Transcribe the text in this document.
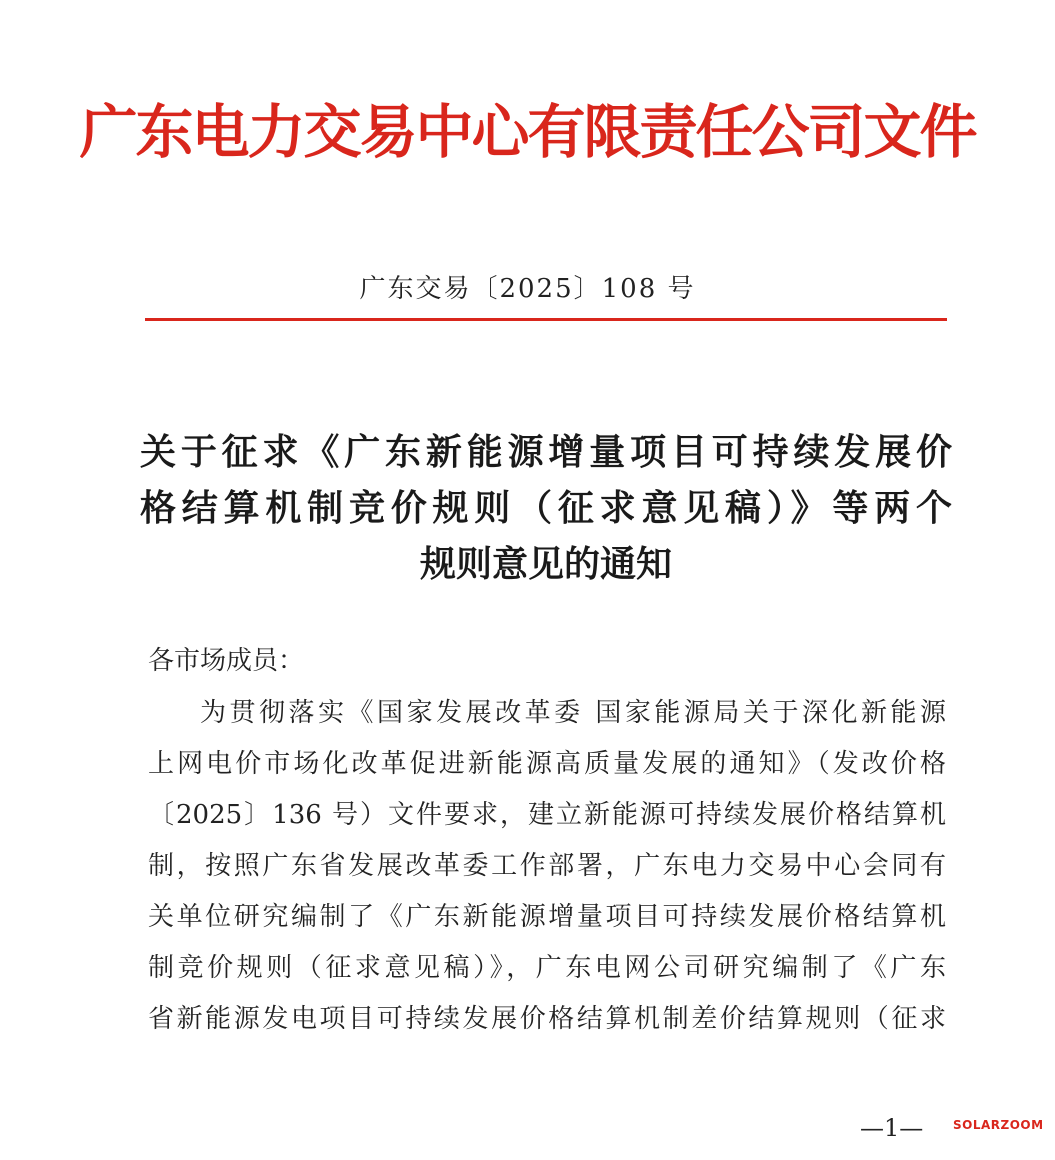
广东电力交易中心有限责任公司文件
广东交易〔2025〕108 号
关于征求《广东新能源增量项目可持续发展价
格结算机制竞价规则（征求意见稿）》等两个
规则意见的通知
各市场成员：
为贯彻落实《国家发展改革委 国家能源局关于深化新能源
上网电价市场化改革促进新能源高质量发展的通知》（发改价格
〔2025〕136 号）文件要求，建立新能源可持续发展价格结算机
制，按照广东省发展改革委工作部署，广东电力交易中心会同有
关单位研究编制了《广东新能源增量项目可持续发展价格结算机
制竞价规则（征求意见稿）》，广东电网公司研究编制了《广东
省新能源发电项目可持续发展价格结算机制差价结算规则（征求
—1— SOLARZOOM
